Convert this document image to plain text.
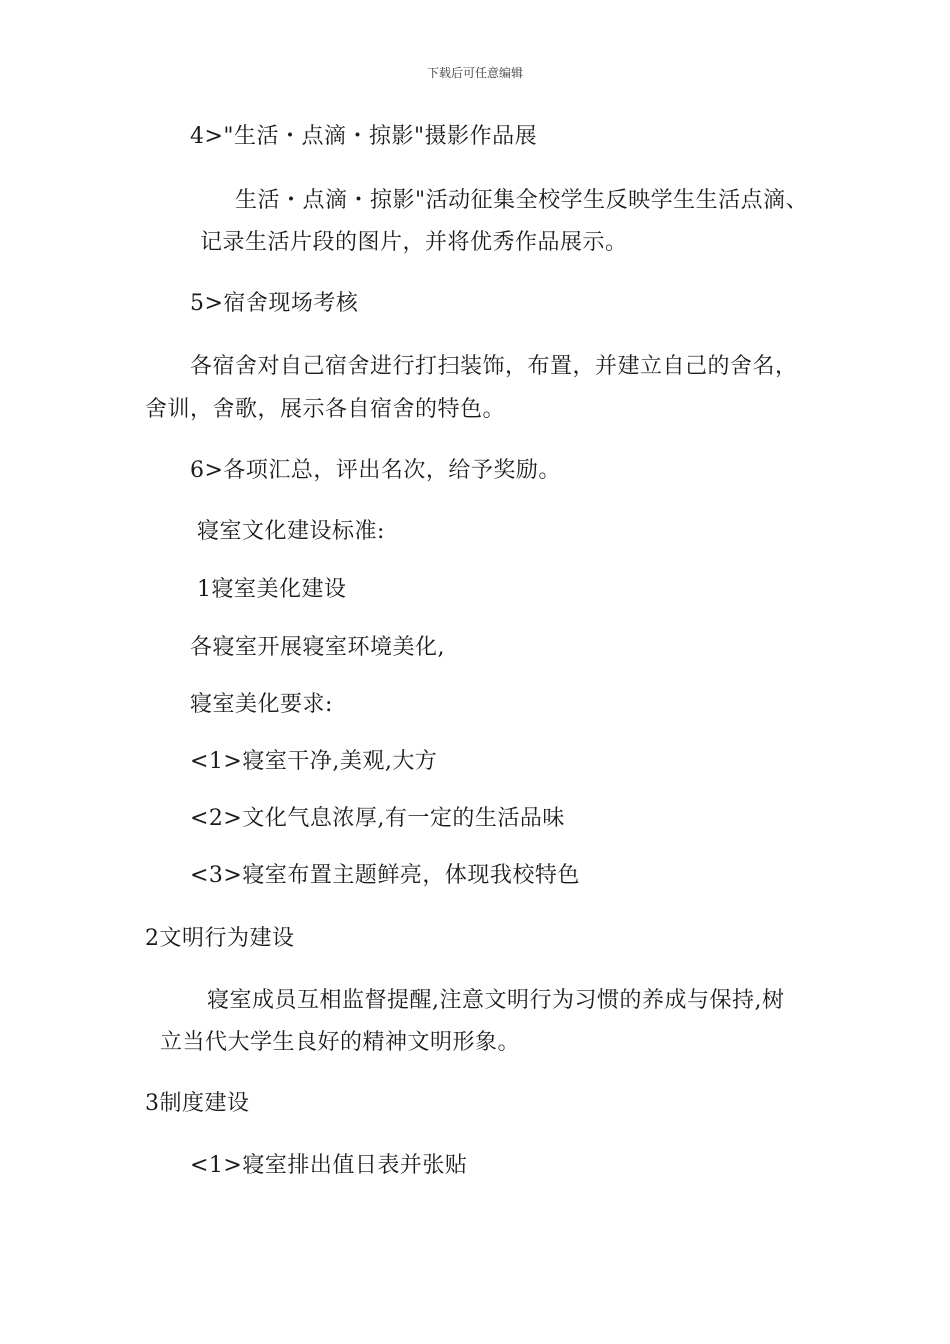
下载后可任意编辑
4>"生活・点滴・掠影"摄影作品展
生活・点滴・掠影"活动征集全校学生反映学生生活点滴、
记录生活片段的图片，并将优秀作品展示。
5>宿舍现场考核
各宿舍对自己宿舍进行打扫装饰，布置，并建立自己的舍名，
舍训，舍歌，展示各自宿舍的特色。
6>各项汇总，评出名次，给予奖励。
寝室文化建设标准:
1寝室美化建设
各寝室开展寝室环境美化,
寝室美化要求:
<1>寝室干净,美观,大方
<2>文化气息浓厚,有一定的生活品味
<3>寝室布置主题鲜亮，体现我校特色
2文明行为建设
寝室成员互相监督提醒,注意文明行为习惯的养成与保持,树
立当代大学生良好的精神文明形象。
3制度建设
<1>寝室排出值日表并张贴
